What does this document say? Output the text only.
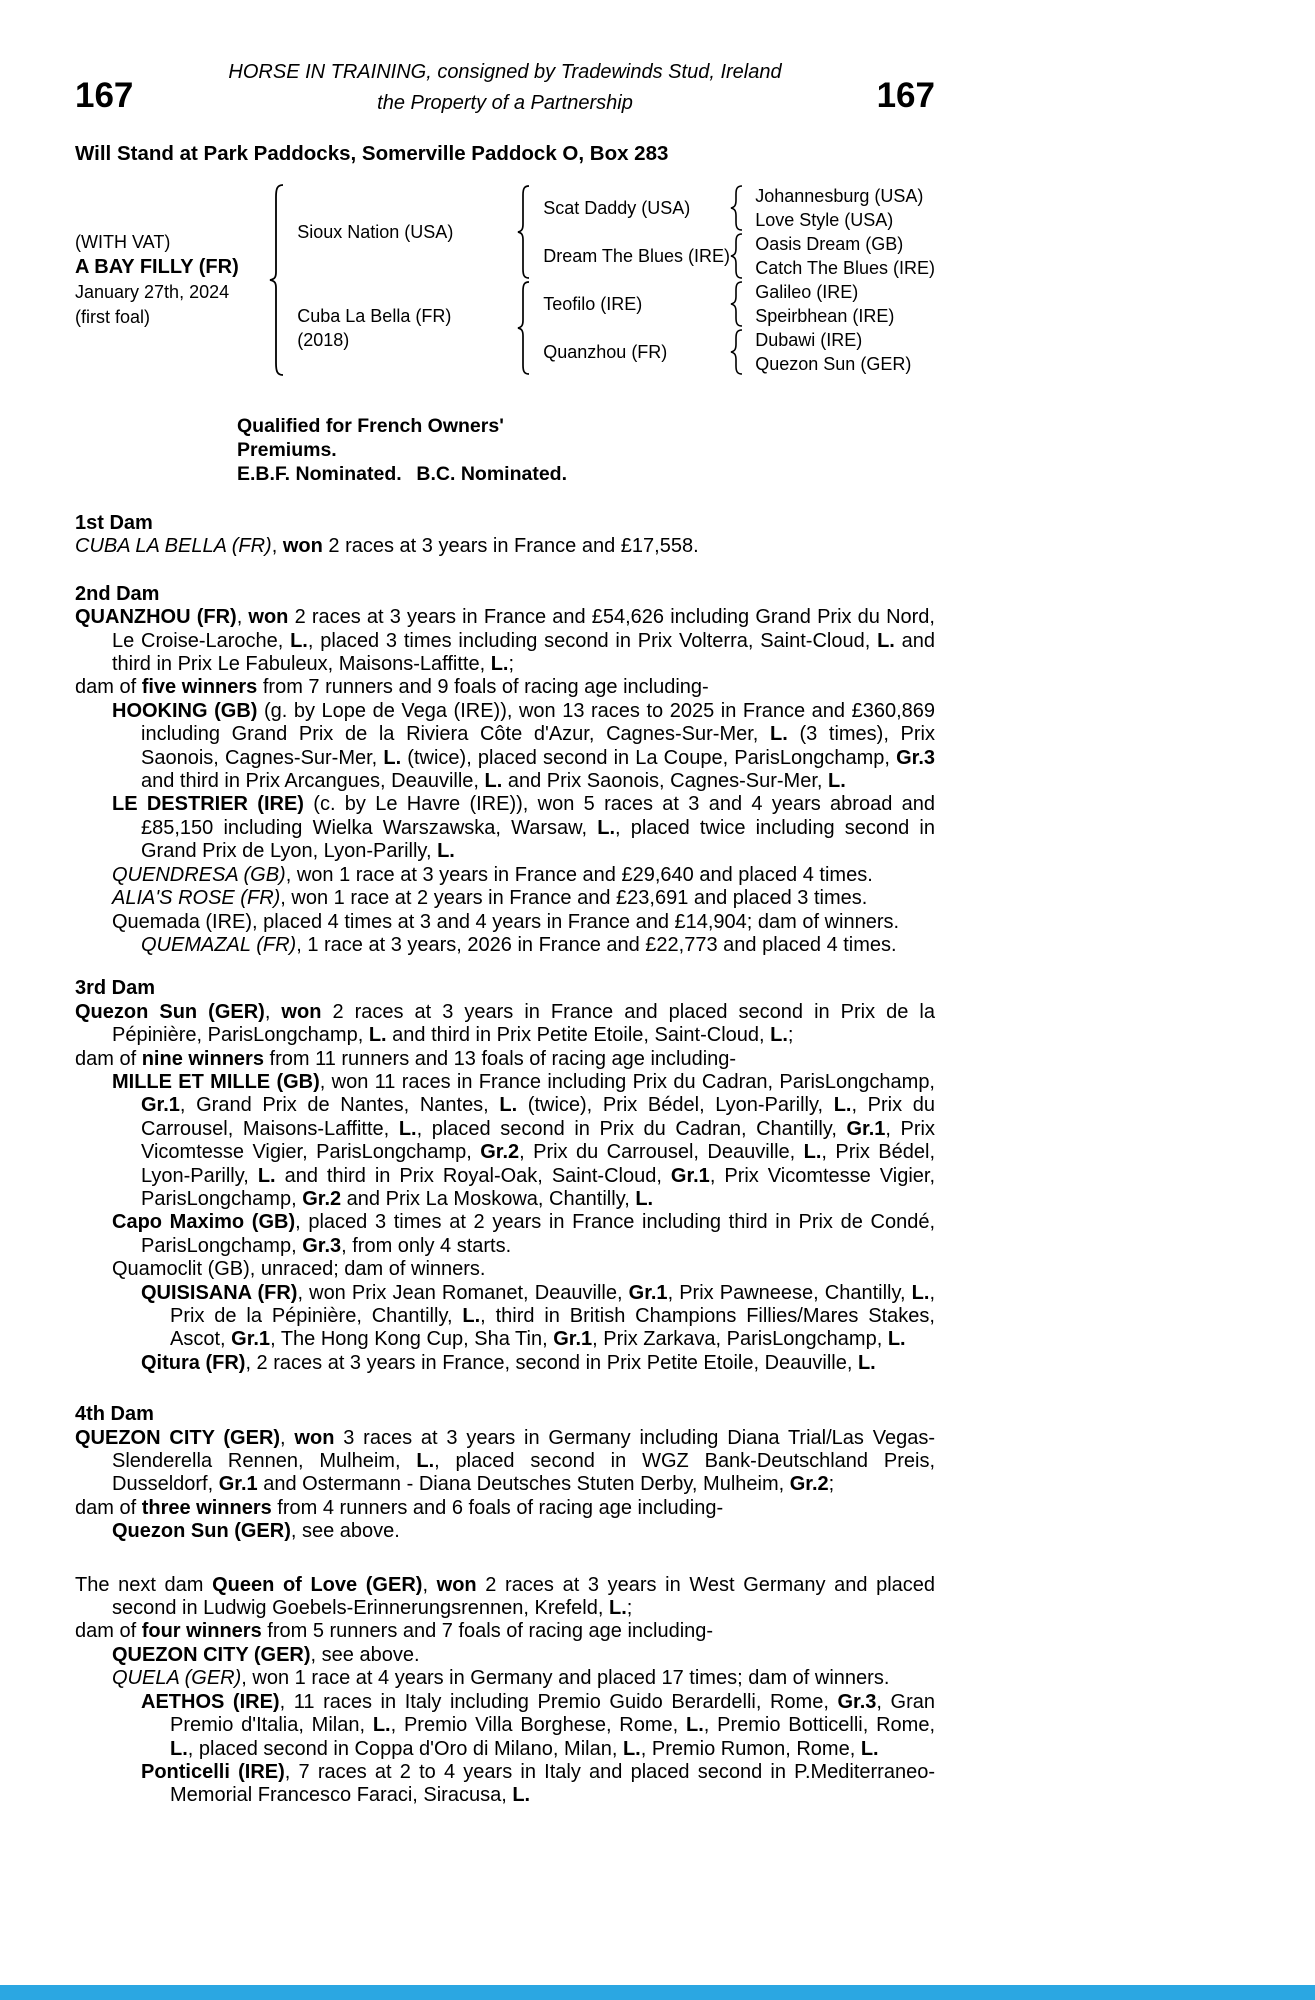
HORSE IN TRAINING, consigned by Tradewinds Stud, Ireland
the Property of a Partnership
167	167
Will Stand at Park Paddocks, Somerville Paddock O, Box 283
(WITH VAT)
A BAY FILLY (FR)
January 27th, 2024
(first foal)
Sioux Nation (USA)
Scat Daddy (USA)
Johannesburg (USA)
Love Style (USA)
Dream The Blues (IRE)
Oasis Dream (GB)
Catch The Blues (IRE)
Cuba La Bella (FR)
(2018)
Teofilo (IRE)
Galileo (IRE)
Speirbhean (IRE)
Quanzhou (FR)
Dubawi (IRE)
Quezon Sun (GER)
Qualified for French Owners' Premiums.
E.B.F. Nominated. B.C. Nominated.
1st Dam
CUBA LA BELLA (FR), won 2 races at 3 years in France and £17,558.
2nd Dam
QUANZHOU (FR), won 2 races at 3 years in France and £54,626 including Grand Prix du Nord, Le Croise-Laroche, L., placed 3 times including second in Prix Volterra, Saint-Cloud, L. and third in Prix Le Fabuleux, Maisons-Laffitte, L.;
dam of five winners from 7 runners and 9 foals of racing age including-
HOOKING (GB) (g. by Lope de Vega (IRE)), won 13 races to 2025 in France and £360,869 including Grand Prix de la Riviera Côte d'Azur, Cagnes-Sur-Mer, L. (3 times), Prix Saonois, Cagnes-Sur-Mer, L. (twice), placed second in La Coupe, ParisLongchamp, Gr.3 and third in Prix Arcangues, Deauville, L. and Prix Saonois, Cagnes-Sur-Mer, L.
LE DESTRIER (IRE) (c. by Le Havre (IRE)), won 5 races at 3 and 4 years abroad and £85,150 including Wielka Warszawska, Warsaw, L., placed twice including second in Grand Prix de Lyon, Lyon-Parilly, L.
QUENDRESA (GB), won 1 race at 3 years in France and £29,640 and placed 4 times.
ALIA'S ROSE (FR), won 1 race at 2 years in France and £23,691 and placed 3 times.
Quemada (IRE), placed 4 times at 3 and 4 years in France and £14,904; dam of winners.
QUEMAZAL (FR), 1 race at 3 years, 2026 in France and £22,773 and placed 4 times.
3rd Dam
Quezon Sun (GER), won 2 races at 3 years in France and placed second in Prix de la Pépinière, ParisLongchamp, L. and third in Prix Petite Etoile, Saint-Cloud, L.;
dam of nine winners from 11 runners and 13 foals of racing age including-
MILLE ET MILLE (GB), won 11 races in France including Prix du Cadran, ParisLongchamp, Gr.1, Grand Prix de Nantes, Nantes, L. (twice), Prix Bédel, Lyon-Parilly, L., Prix du Carrousel, Maisons-Laffitte, L., placed second in Prix du Cadran, Chantilly, Gr.1, Prix Vicomtesse Vigier, ParisLongchamp, Gr.2, Prix du Carrousel, Deauville, L., Prix Bédel, Lyon-Parilly, L. and third in Prix Royal-Oak, Saint-Cloud, Gr.1, Prix Vicomtesse Vigier, ParisLongchamp, Gr.2 and Prix La Moskowa, Chantilly, L.
Capo Maximo (GB), placed 3 times at 2 years in France including third in Prix de Condé, ParisLongchamp, Gr.3, from only 4 starts.
Quamoclit (GB), unraced; dam of winners.
QUISISANA (FR), won Prix Jean Romanet, Deauville, Gr.1, Prix Pawneese, Chantilly, L., Prix de la Pépinière, Chantilly, L., third in British Champions Fillies/Mares Stakes, Ascot, Gr.1, The Hong Kong Cup, Sha Tin, Gr.1, Prix Zarkava, ParisLongchamp, L.
Qitura (FR), 2 races at 3 years in France, second in Prix Petite Etoile, Deauville, L.
4th Dam
QUEZON CITY (GER), won 3 races at 3 years in Germany including Diana Trial/Las Vegas-Slenderella Rennen, Mulheim, L., placed second in WGZ Bank-Deutschland Preis, Dusseldorf, Gr.1 and Ostermann - Diana Deutsches Stuten Derby, Mulheim, Gr.2;
dam of three winners from 4 runners and 6 foals of racing age including-
Quezon Sun (GER), see above.
The next dam Queen of Love (GER), won 2 races at 3 years in West Germany and placed second in Ludwig Goebels-Erinnerungsrennen, Krefeld, L.;
dam of four winners from 5 runners and 7 foals of racing age including-
QUEZON CITY (GER), see above.
QUELA (GER), won 1 race at 4 years in Germany and placed 17 times; dam of winners.
AETHOS (IRE), 11 races in Italy including Premio Guido Berardelli, Rome, Gr.3, Gran Premio d'Italia, Milan, L., Premio Villa Borghese, Rome, L., Premio Botticelli, Rome, L., placed second in Coppa d'Oro di Milano, Milan, L., Premio Rumon, Rome, L.
Ponticelli (IRE), 7 races at 2 to 4 years in Italy and placed second in P.Mediterraneo-Memorial Francesco Faraci, Siracusa, L.
